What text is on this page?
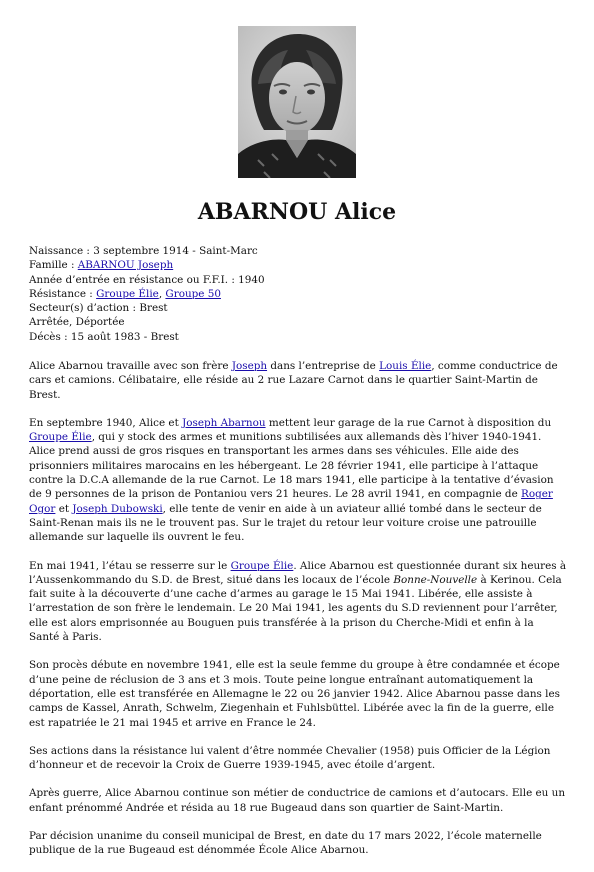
ABARNOU Alice
Naissance : 3 septembre 1914 - Saint-Marc
Famille : ABARNOU Joseph
Année d’entrée en résistance ou F.F.I. : 1940
Résistance : Groupe Élie, Groupe 50
Secteur(s) d’action : Brest
Arrêtée, Déportée
Décès : 15 août 1983 - Brest

Alice Abarnou travaille avec son frère Joseph dans l’entreprise de Louis Élie, comme conductrice de cars et camions. Célibataire, elle réside au 2 rue Lazare Carnot dans le quartier Saint-Martin de Brest.

En septembre 1940, Alice et Joseph Abarnou mettent leur garage de la rue Carnot à disposition du Groupe Élie, qui y stock des armes et munitions subtilisées aux allemands dès l’hiver 1940-1941. Alice prend aussi de gros risques en transportant les armes dans ses véhicules. Elle aide des prisonniers militaires marocains en les hébergeant. Le 28 février 1941, elle participe à l’attaque contre la D.C.A allemande de la rue Carnot. Le 18 mars 1941, elle participe à la tentative d’évasion de 9 personnes de la prison de Pontaniou vers 21 heures. Le 28 avril 1941, en compagnie de Roger Ogor et Joseph Dubowski, elle tente de venir en aide à un aviateur allié tombé dans le secteur de Saint-Renan mais ils ne le trouvent pas. Sur le trajet du retour leur voiture croise une patrouille allemande sur laquelle ils ouvrent le feu.

En mai 1941, l’étau se resserre sur le Groupe Élie. Alice Abarnou est questionnée durant six heures à l’Aussenkommando du S.D. de Brest, situé dans les locaux de l’école Bonne-Nouvelle à Kerinou. Cela fait suite à la découverte d’une cache d’armes au garage le 15 Mai 1941. Libérée, elle assiste à l’arrestation de son frère le lendemain. Le 20 Mai 1941, les agents du S.D reviennent pour l’arrêter, elle est alors emprisonnée au Bouguen puis transférée à la prison du Cherche-Midi et enfin à la Santé à Paris.

Son procès débute en novembre 1941, elle est la seule femme du groupe à être condamnée et écope d’une peine de réclusion de 3 ans et 3 mois. Toute peine longue entraînant automatiquement la déportation, elle est transférée en Allemagne le 22 ou 26 janvier 1942. Alice Abarnou passe dans les camps de Kassel, Anrath, Schwelm, Ziegenhain et Fuhlsbüttel. Libérée avec la fin de la guerre, elle est rapatriée le 21 mai 1945 et arrive en France le 24.

Ses actions dans la résistance lui valent d’être nommée Chevalier (1958) puis Officier de la Légion d’honneur et de recevoir la Croix de Guerre 1939-1945, avec étoile d’argent.

Après guerre, Alice Abarnou continue son métier de conductrice de camions et d’autocars. Elle eu un enfant prénommé Andrée et résida au 18 rue Bugeaud dans son quartier de Saint-Martin.

Par décision unanime du conseil municipal de Brest, en date du 17 mars 2022, l’école maternelle publique de la rue Bugeaud est dénommée École Alice Abarnou.
